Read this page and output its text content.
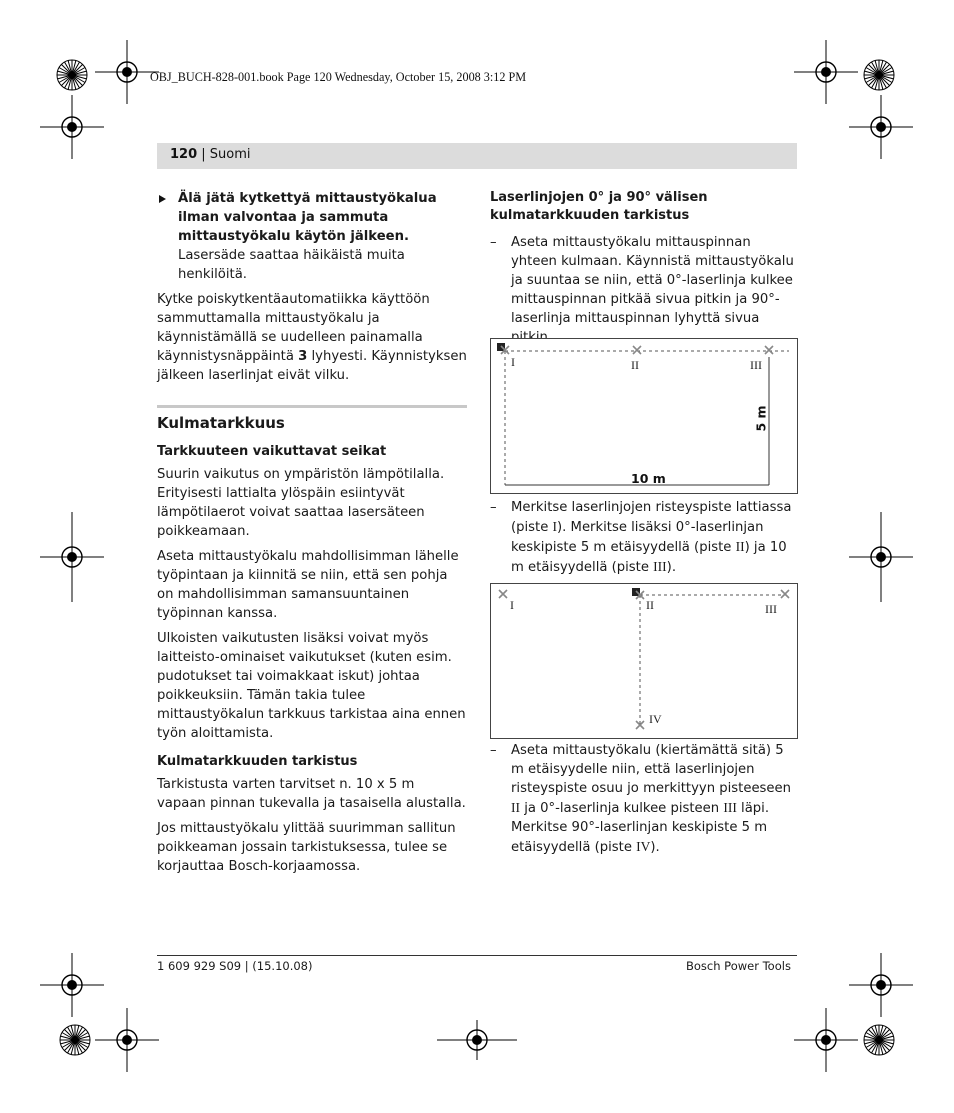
OBJ_BUCH-828-001.book Page 120 Wednesday, October 15, 2008 3:12 PM
120 | Suomi

Älä jätä kytkettyä mittaustyökalua ilman valvontaa ja sammuta mittaustyökalu käytön jälkeen. Lasersäde saattaa häikäistä muita henkilöitä.

Kytke poiskytkentäautomatiikka käyttöön sammuttamalla mittaustyökalu ja käynnistämällä se uudelleen painamalla käynnistysnäppäintä 3 lyhyesti. Käynnistyksen jälkeen laserlinjat eivät vilku.

Kulmatarkkuus

Tarkkuuteen vaikuttavat seikat

Suurin vaikutus on ympäristön lämpötilalla. Erityisesti lattialta ylöspäin esiintyvät lämpötilaerot voivat saattaa lasersäteen poikkeamaan.

Aseta mittaustyökalu mahdollisimman lähelle työpintaan ja kiinnitä se niin, että sen pohja on mahdollisimman samansuuntainen työpinnan kanssa.

Ulkoisten vaikutusten lisäksi voivat myös laitteisto-ominaiset vaikutukset (kuten esim. pudotukset tai voimakkaat iskut) johtaa poikkeuksiin. Tämän takia tulee mittaustyökalun tarkkuus tarkistaa aina ennen työn aloittamista.

Kulmatarkkuuden tarkistus

Tarkistusta varten tarvitset n. 10 x 5 m vapaan pinnan tukevalla ja tasaisella alustalla.

Jos mittaustyökalu ylittää suurimman sallitun poikkeaman jossain tarkistuksessa, tulee se korjauttaa Bosch-korjaamossa.

Laserlinjojen 0° ja 90° välisen kulmatarkkuuden tarkistus

– Aseta mittaustyökalu mittauspinnan yhteen kulmaan. Käynnistä mittaustyökalu ja suuntaa se niin, että 0°-laserlinja kulkee mittauspinnan pitkää sivua pitkin ja 90°-laserlinja mittauspinnan lyhyttä sivua

– Merkitse laserlinjojen risteyspiste lattiassa (piste I). Merkitse lisäksi 0°-laserlinjan keskipiste 5 m etäisyydellä (piste II) ja 10 m etäisyydellä (piste III).

– Aseta mittaustyökalu (kiertämättä sitä) 5 m etäisyydelle niin, että laserlinjojen risteyspiste osuu jo merkittyyn pisteeseen II ja 0°-laserlinja kulkee pisteen III läpi. Merkitse 90°-laserlinjan keskipiste 5 m etäisyydellä (piste IV).

I	II	III
5 m
10 m
I	II	III
IV
1 609 929 S09 | (15.10.08)	Bosch Power Tools
